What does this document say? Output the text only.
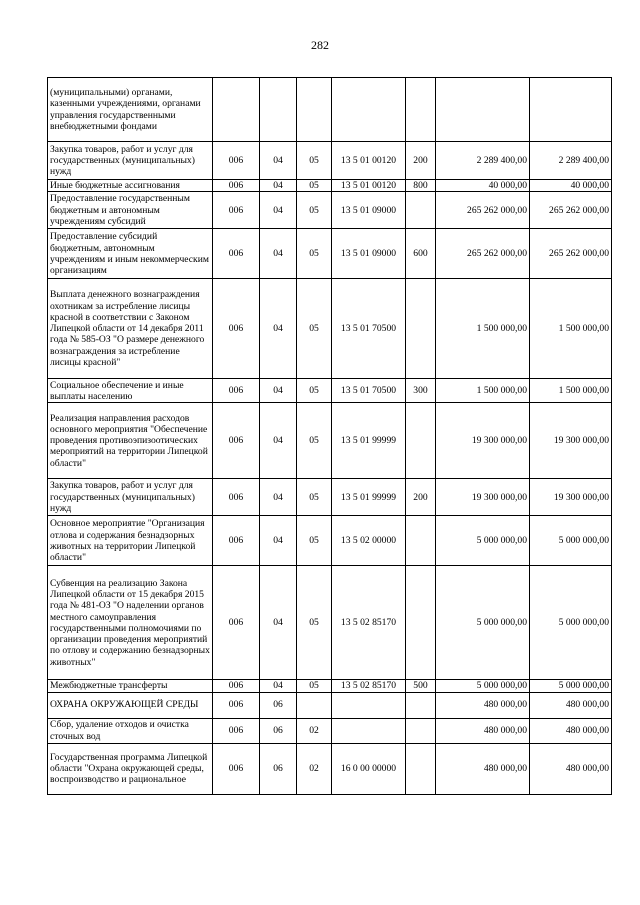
282
(муниципальными) органами, казенными учреждениями, органами управления государственными внебюджетными фондами							
Закупка товаров, работ и услуг для государственных (муниципальных) нужд	006	04	05	13 5 01 00120	200	2 289 400,00	2 289 400,00
Иные бюджетные ассигнования	006	04	05	13 5 01 00120	800	40 000,00	40 000,00
Предоставление государственным бюджетным и автономным учреждениям субсидий	006	04	05	13 5 01 09000		265 262 000,00	265 262 000,00
Предоставление субсидий бюджетным, автономным учреждениям и иным некоммерческим организациям	006	04	05	13 5 01 09000	600	265 262 000,00	265 262 000,00
Выплата денежного вознаграждения охотникам за истребление лисицы красной в соответствии с Законом Липецкой области от 14 декабря 2011 года № 585-ОЗ "О размере денежного вознаграждения за истребление лисицы красной"	006	04	05	13 5 01 70500		1 500 000,00	1 500 000,00
Социальное обеспечение и иные выплаты населению	006	04	05	13 5 01 70500	300	1 500 000,00	1 500 000,00
Реализация направления расходов основного мероприятия "Обеспечение проведения противоэпизоотических мероприятий на территории Липецкой области"	006	04	05	13 5 01 99999		19 300 000,00	19 300 000,00
Закупка товаров, работ и услуг для государственных (муниципальных) нужд	006	04	05	13 5 01 99999	200	19 300 000,00	19 300 000,00
Основное мероприятие "Организация отлова и содержания безнадзорных животных на территории Липецкой области"	006	04	05	13 5 02 00000		5 000 000,00	5 000 000,00
Субвенция на реализацию Закона Липецкой области от 15 декабря 2015 года № 481-ОЗ "О наделении органов местного самоуправления государственными полномочиями по организации проведения мероприятий по отлову и содержанию безнадзорных животных"	006	04	05	13 5 02 85170		5 000 000,00	5 000 000,00
Межбюджетные трансферты	006	04	05	13 5 02 85170	500	5 000 000,00	5 000 000,00
ОХРАНА ОКРУЖАЮЩЕЙ СРЕДЫ	006	06				480 000,00	480 000,00
Сбор, удаление отходов и очистка сточных вод	006	06	02			480 000,00	480 000,00
Государственная программа Липецкой области "Охрана окружающей среды, воспроизводство и рациональное	006	06	02	16 0 00 00000		480 000,00	480 000,00
